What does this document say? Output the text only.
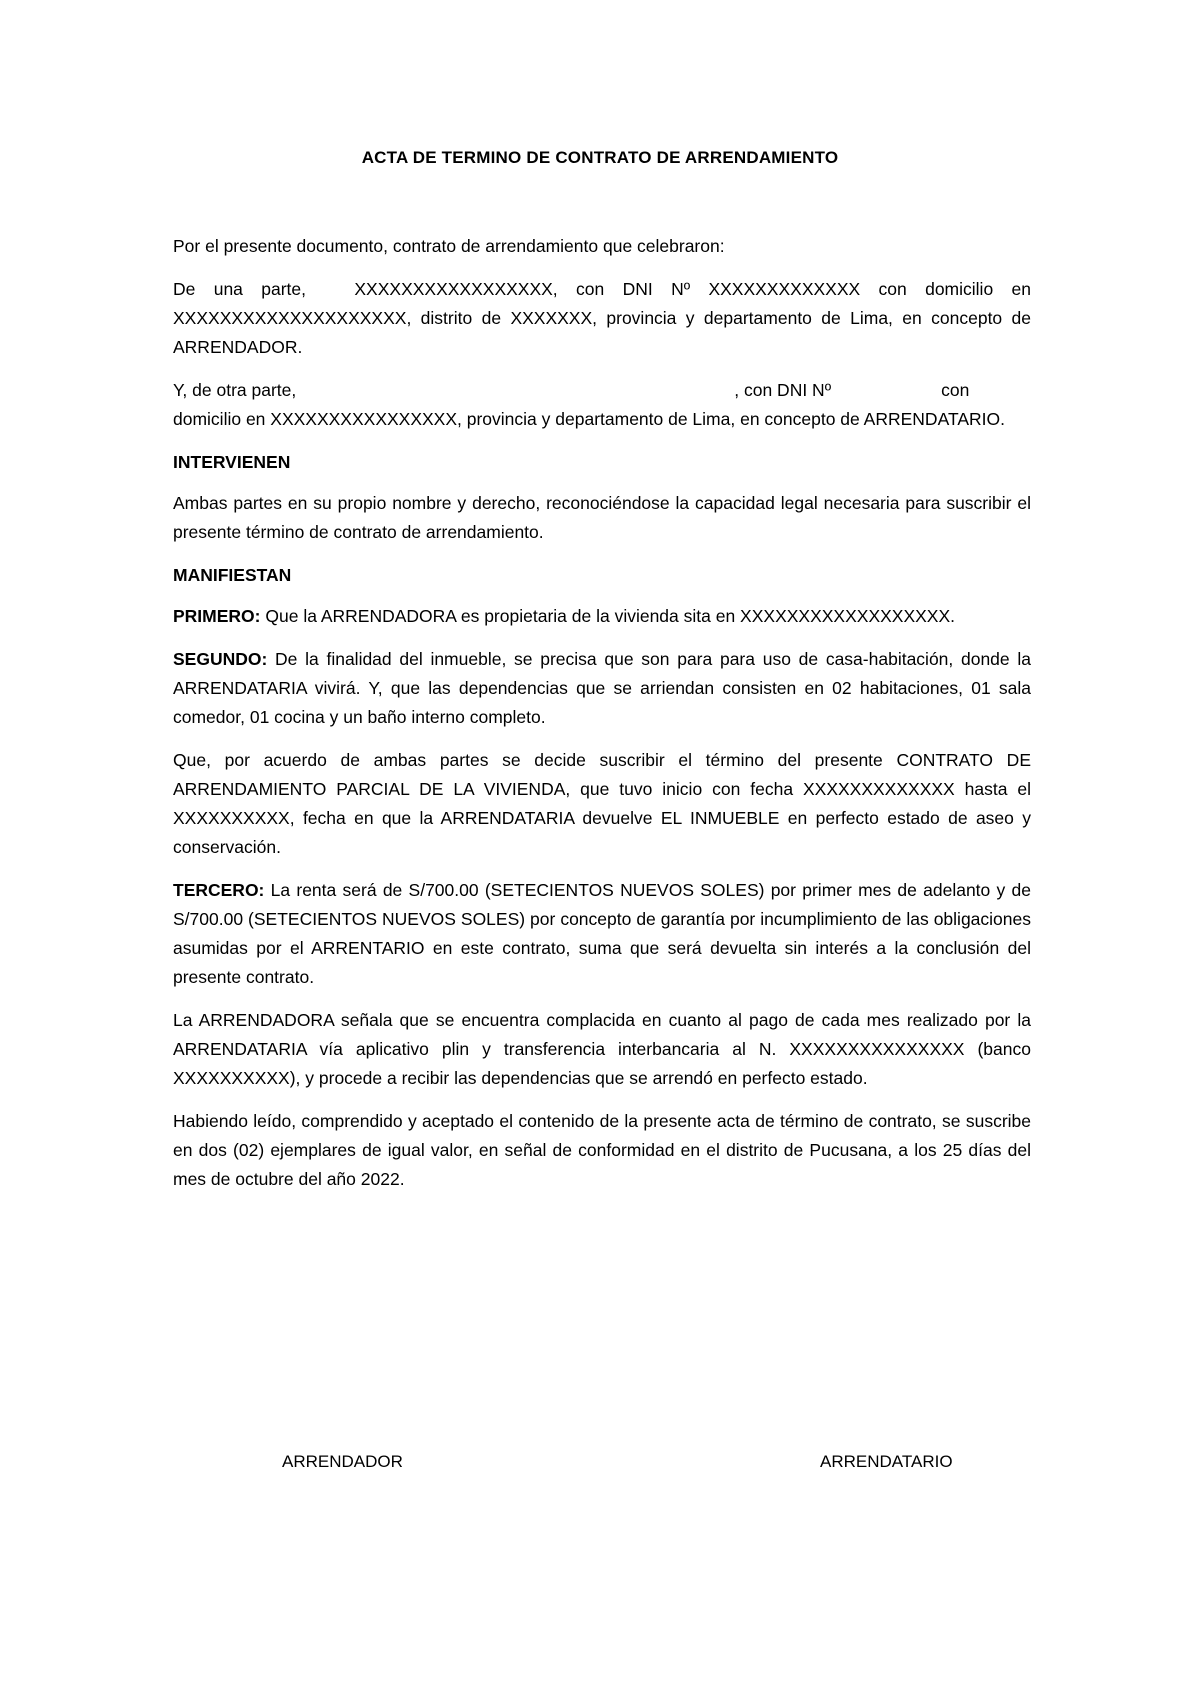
ACTA DE TERMINO DE CONTRATO DE ARRENDAMIENTO

Por el presente documento, contrato de arrendamiento que celebraron:

De una parte,	XXXXXXXXXXXXXXXXX, con DNI Nº XXXXXXXXXXXXX con domicilio en XXXXXXXXXXXXXXXXXXXX, distrito de XXXXXXX, provincia y departamento de Lima, en concepto de ARRENDADOR.

Y, de otra parte,	, con DNI Nº	con
domicilio en XXXXXXXXXXXXXXXX, provincia y departamento de Lima, en concepto de ARRENDATARIO.

INTERVIENEN

Ambas partes en su propio nombre y derecho, reconociéndose la capacidad legal necesaria para suscribir el presente término de contrato de arrendamiento.

MANIFIESTAN

PRIMERO: Que la ARRENDADORA es propietaria de la vivienda sita en XXXXXXXXXXXXXXXXXX.

SEGUNDO: De la finalidad del inmueble, se precisa que son para para uso de casa-habitación, donde la ARRENDATARIA vivirá. Y, que las dependencias que se arriendan consisten en 02 habitaciones, 01 sala comedor, 01 cocina y un baño interno completo.

Que, por acuerdo de ambas partes se decide suscribir el término del presente CONTRATO DE ARRENDAMIENTO PARCIAL DE LA VIVIENDA, que tuvo inicio con fecha XXXXXXXXXXXXX hasta el XXXXXXXXXX, fecha en que la ARRENDATARIA devuelve EL INMUEBLE en perfecto estado de aseo y conservación.

TERCERO: La renta será de S/700.00 (SETECIENTOS NUEVOS SOLES) por primer mes de adelanto y de S/700.00 (SETECIENTOS NUEVOS SOLES) por concepto de garantía por incumplimiento de las obligaciones asumidas por el ARRENTARIO en este contrato, suma que será devuelta sin interés a la conclusión del presente contrato.

La ARRENDADORA señala que se encuentra complacida en cuanto al pago de cada mes realizado por la ARRENDATARIA vía aplicativo plin y transferencia interbancaria al N. XXXXXXXXXXXXXXX (banco XXXXXXXXXX), y procede a recibir las dependencias que se arrendó en perfecto estado.

Habiendo leído, comprendido y aceptado el contenido de la presente acta de término de contrato, se suscribe en dos (02) ejemplares de igual valor, en señal de conformidad en el distrito de Pucusana, a los 25 días del mes de octubre del año 2022.

ARRENDADOR	ARRENDATARIO
